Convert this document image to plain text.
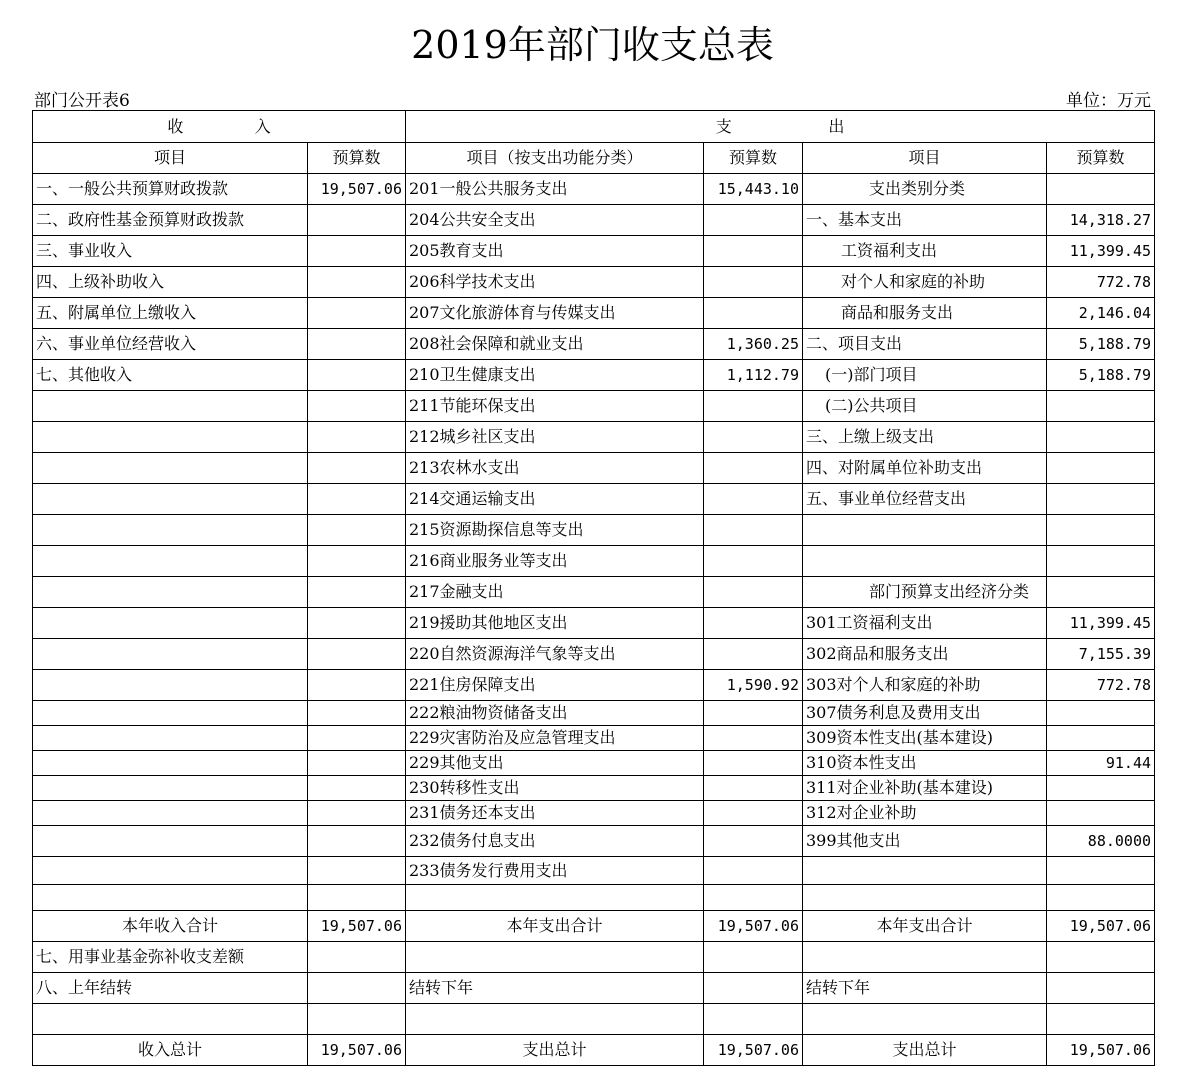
2019年部门收支总表
部门公开表6	单位：万元
收              入		支                   出			
项目	预算数	项目（按支出功能分类）	预算数	项目	预算数
一、一般公共预算财政拨款	19,507.06	201一般公共服务支出	15,443.10	支出类别分类	
二、政府性基金预算财政拨款		204公共安全支出		一、基本支出	14,318.27
三、事业收入		205教育支出		工资福利支出	11,399.45
四、上级补助收入		206科学技术支出		对个人和家庭的补助	772.78
五、附属单位上缴收入		207文化旅游体育与传媒支出		商品和服务支出	2,146.04
六、事业单位经营收入		208社会保障和就业支出	1,360.25	二、项目支出	5,188.79
七、其他收入		210卫生健康支出	1,112.79	(一)部门项目	5,188.79
		211节能环保支出		(二)公共项目	
		212城乡社区支出		三、上缴上级支出	
		213农林水支出		四、对附属单位补助支出	
		214交通运输支出		五、事业单位经营支出	
		215资源勘探信息等支出			
		216商业服务业等支出			
		217金融支出		部门预算支出经济分类	
		219援助其他地区支出		301工资福利支出	11,399.45
		220自然资源海洋气象等支出		302商品和服务支出	7,155.39
		221住房保障支出	1,590.92	303对个人和家庭的补助	772.78
		222粮油物资储备支出		307债务利息及费用支出	
		229灾害防治及应急管理支出		309资本性支出(基本建设)	
		229其他支出		310资本性支出	91.44
		230转移性支出		311对企业补助(基本建设)	
		231债务还本支出		312对企业补助	
		232债务付息支出		399其他支出	88.0000
		233债务发行费用支出			

本年收入合计	19,507.06	本年支出合计	19,507.06	本年支出合计	19,507.06
七、用事业基金弥补收支差额					
八、上年结转		结转下年		结转下年	

收入总计	19,507.06	支出总计	19,507.06	支出总计	19,507.06
